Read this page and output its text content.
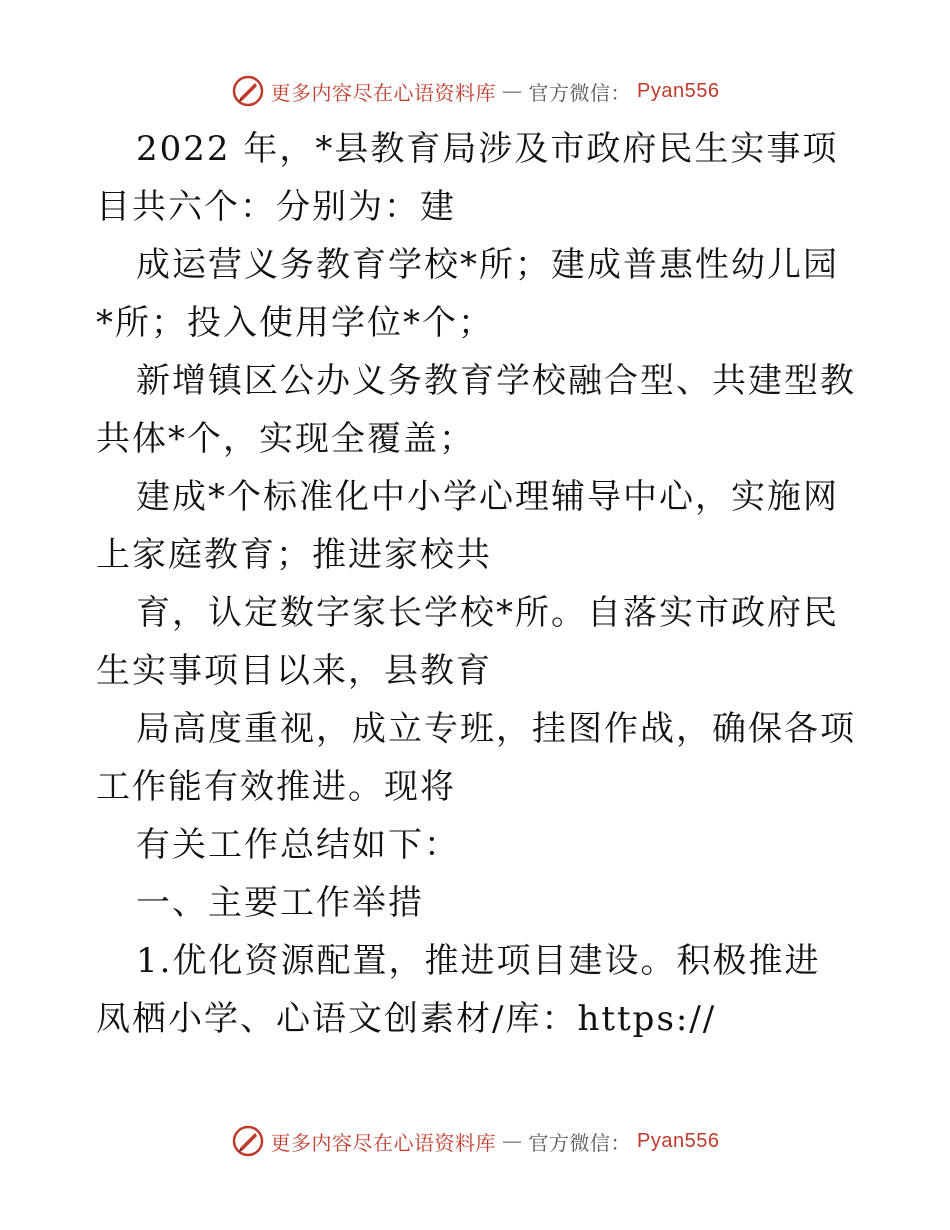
更多内容尽在心语资料库 — 官方微信： Pyan556

2022 年，*县教育局涉及市政府民生实事项目共六个：分别为：建

成运营义务教育学校*所；建成普惠性幼儿园*所；投入使用学位*个；

新增镇区公办义务教育学校融合型、共建型教共体*个，实现全覆盖；

建成*个标准化中小学心理辅导中心，实施网上家庭教育；推进家校共

育，认定数字家长学校*所。自落实市政府民生实事项目以来，县教育

局高度重视，成立专班，挂图作战，确保各项工作能有效推进。现将

有关工作总结如下：

一、主要工作举措

1.优化资源配置，推进项目建设。积极推进凤栖小学、心语文创素材/库：https://

更多内容尽在心语资料库 — 官方微信： Pyan556
